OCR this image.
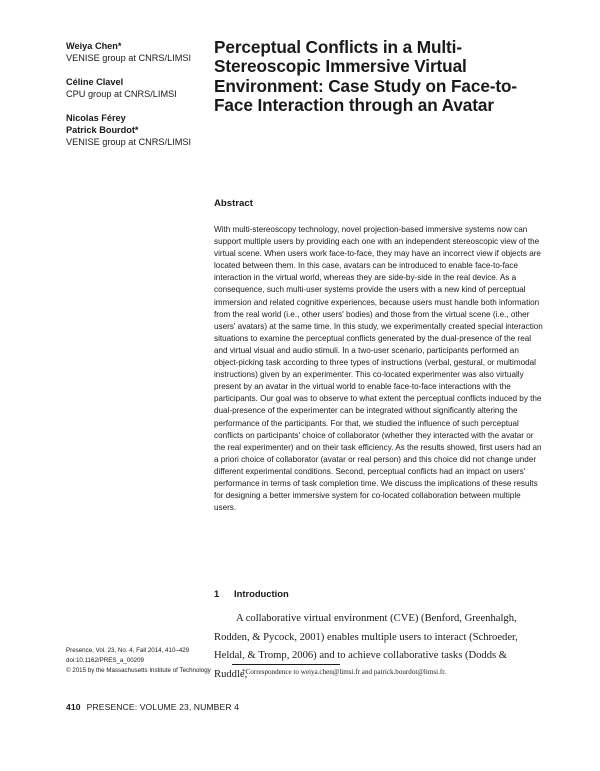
Weiya Chen*

VENISE group at CNRS/LIMSI

Céline Clavel

CPU group at CNRS/LIMSI

Nicolas Férey

Patrick Bourdot*

VENISE group at CNRS/LIMSI

Perceptual Conflicts in a Multi-Stereoscopic Immersive Virtual Environment: Case Study on Face-to-Face Interaction through an Avatar
Abstract

With multi-stereoscopy technology, novel projection-based immersive systems now can support multiple users by providing each one with an independent stereoscopic view of the virtual scene. When users work face-to-face, they may have an incorrect view if objects are located between them. In this case, avatars can be introduced to enable face-to-face interaction in the virtual world, whereas they are side-by-side in the real device. As a consequence, such multi-user systems provide the users with a new kind of perceptual immersion and related cognitive experiences, because users must handle both information from the real world (i.e., other users' bodies) and those from the virtual scene (i.e., other users' avatars) at the same time. In this study, we experimentally created special interaction situations to examine the perceptual conflicts generated by the dual-presence of the real and virtual visual and audio stimuli. In a two-user scenario, participants performed an object-picking task according to three types of instructions (verbal, gestural, or multimodal instructions) given by an experimenter. This co-located experimenter was also virtually present by an avatar in the virtual world to enable face-to-face interactions with the participants. Our goal was to observe to what extent the perceptual conflicts induced by the dual-presence of the experimenter can be integrated without significantly altering the performance of the participants. For that, we studied the influence of such perceptual conflicts on participants' choice of collaborator (whether they interacted with the avatar or the real experimenter) and on their task efficiency. As the results showed, first users had an a priori choice of collaborator (avatar or real person) and this choice did not change under different experimental conditions. Second, perceptual conflicts had an impact on users' performance in terms of task completion time. We discuss the implications of these results for designing a better immersive system for co-located collaboration between multiple users.

1 Introduction

A collaborative virtual environment (CVE) (Benford, Greenhalgh, Rodden, & Pycock, 2001) enables multiple users to interact (Schroeder, Heldal, & Tromp, 2006) and to achieve collaborative tasks (Dodds & Ruddle,

Presence, Vol. 23, No. 4, Fall 2014, 410–429
doi:10.1162/PRES_a_00209
© 2015 by the Massachusetts Institute of Technology	*Correspondence to weiya.chen@limsi.fr and patrick.bourdot@limsi.fr.

410 PRESENCE: VOLUME 23, NUMBER 4
